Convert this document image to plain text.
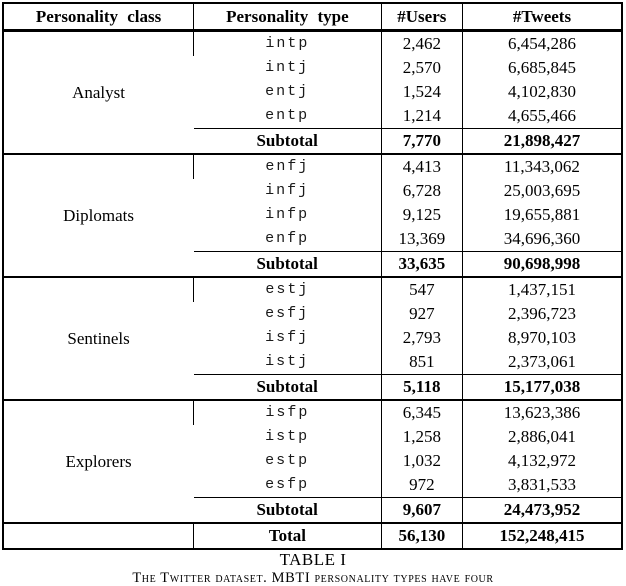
Personality class	Personality type	#Users	#Tweets
Analyst	intp	2,462	6,454,286
	intj	2,570	6,685,845
	entj	1,524	4,102,830
	entp	1,214	4,655,466
	Subtotal	7,770	21,898,427
Diplomats	enfj	4,413	11,343,062
	infj	6,728	25,003,695
	infp	9,125	19,655,881
	enfp	13,369	34,696,360
	Subtotal	33,635	90,698,998
Sentinels	estj	547	1,437,151
	esfj	927	2,396,723
	isfj	2,793	8,970,103
	istj	851	2,373,061
	Subtotal	5,118	15,177,038
Explorers	isfp	6,345	13,623,386
	istp	1,258	2,886,041
	estp	1,032	4,132,972
	esfp	972	3,831,533
	Subtotal	9,607	24,473,952
	Total	56,130	152,248,415
TABLE I
The Twitter dataset. MBTI personality types have four
